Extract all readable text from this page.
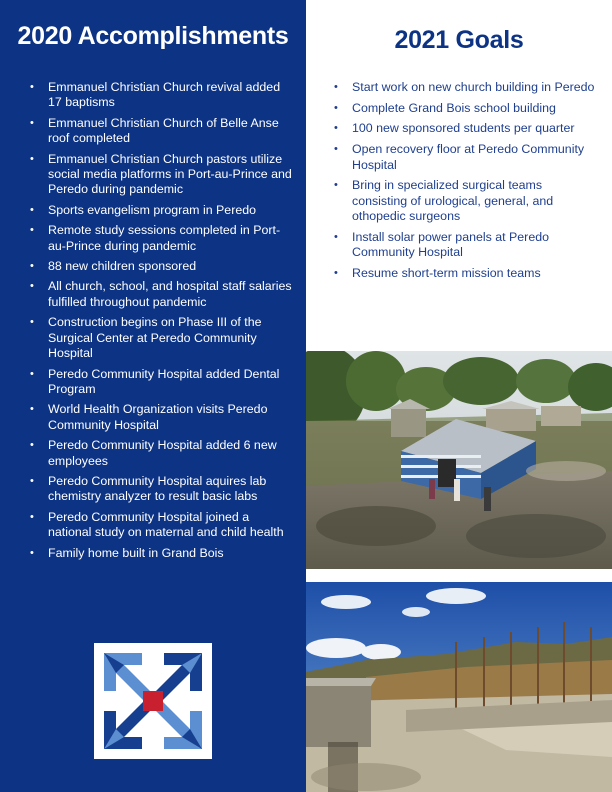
2020 Accomplishments
• Emmanuel Christian Church revival added 17 baptisms
• Emmanuel Christian Church of Belle Anse roof completed
• Emmanuel Christian Church pastors utilize social media platforms in Port-au-Prince and Peredo during pandemic
• Sports evangelism program in Peredo
• Remote study sessions completed in Port-au-Prince during pandemic
• 88 new children sponsored
• All church, school, and hospital staff salaries fulfilled throughout pandemic
• Construction begins on Phase III of the Surgical Center at Peredo Community Hospital
• Peredo Community Hospital added Dental Program
• World Health Organization visits Peredo Community Hospital
• Peredo Community Hospital added 6 new employees
• Peredo Community Hospital aquires lab chemistry analyzer to result basic labs
• Peredo Community Hospital joined a national study on maternal and child health
• Family home built in Grand Bois
2021 Goals
• Start work on new church building in Peredo
• Complete Grand Bois school building
• 100 new sponsored students per quarter
• Open recovery floor at Peredo Community Hospital
• Bring in specialized surgical teams consisting of urological, general, and othopedic surgeons
• Install solar power panels at Peredo Community Hospital
• Resume short-term mission teams
